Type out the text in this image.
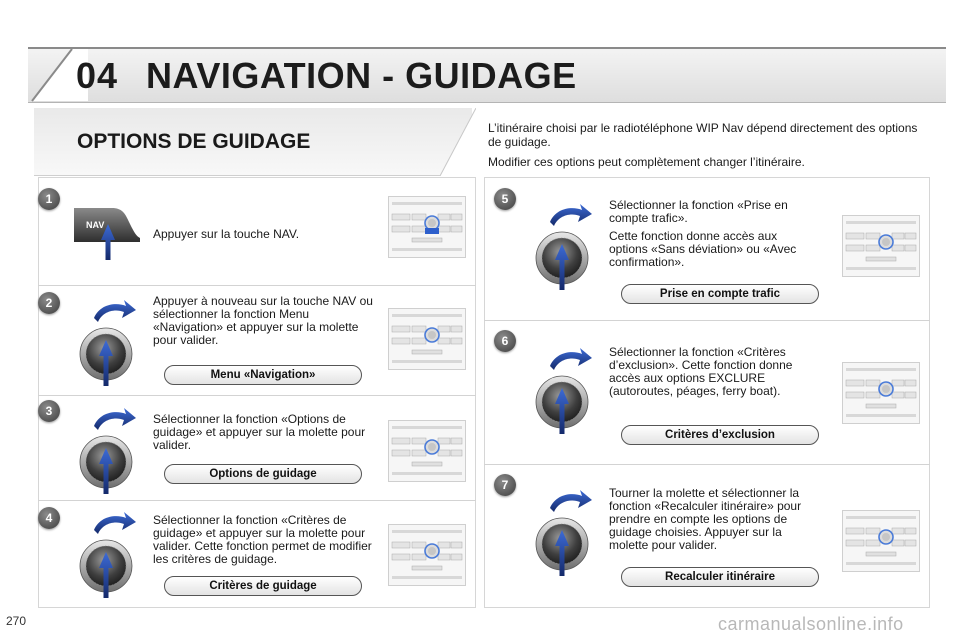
04 NAVIGATION - GUIDAGE
OPTIONS DE GUIDAGE

L’itinéraire choisi par le radiotéléphone WIP Nav dépend directement des options de guidage.

Modifier ces options peut complètement changer l’itinéraire.

1
NAV

Appuyer sur la touche NAV.

2	Appuyer à nouveau sur la touche NAV ou sélectionner la fonction Menu «Navigation» et appuyer sur la molette pour valider.

Menu «Navigation»
3

Sélectionner la fonction «Options de guidage» et appuyer sur la molette pour valider.

Options de guidage
4	Sélectionner la fonction «Critères de guidage» et appuyer sur la molette pour valider. Cette fonction permet de modifier les critères de guidage.

Critères de guidage
5	Sélectionner la fonction «Prise en compte trafic».

Cette fonction donne accès aux options «Sans déviation» ou «Avec confirmation».

Prise en compte trafic
6

Sélectionner la fonction «Critères d’exclusion». Cette fonction donne accès aux options EXCLURE (autoroutes, péages, ferry boat).

Critères d’exclusion
7

Tourner la molette et sélectionner la fonction «Recalculer itinéraire» pour prendre en compte les options de guidage choisies. Appuyer sur la molette pour valider.

Recalculer itinéraire
270	carmanualsonline.info
